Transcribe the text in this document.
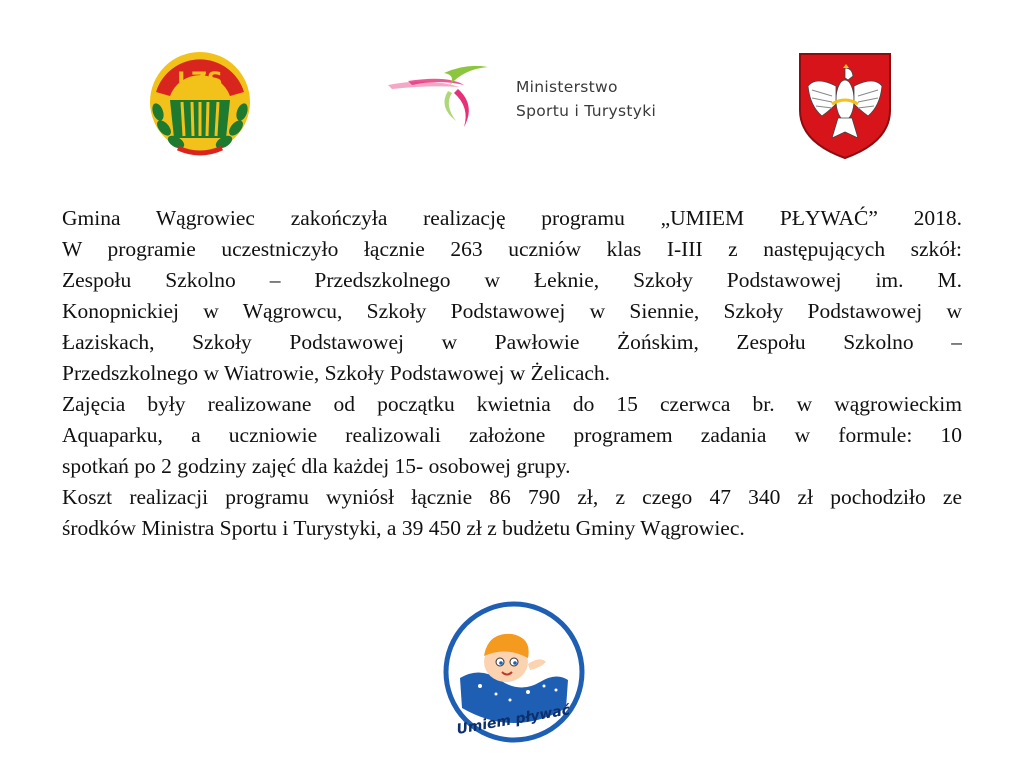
LZS	Ministerstwo
Sportu i Turystyki

Gmina Wągrowiec zakończyła realizację programu „UMIEM PŁYWAĆ” 2018.
W programie uczestniczyło łącznie 263 uczniów klas I-III z następujących szkół:
Zespołu Szkolno – Przedszkolnego w Łeknie, Szkoły Podstawowej im. M.
Konopnickiej w Wągrowcu, Szkoły Podstawowej w Siennie, Szkoły Podstawowej w
Łaziskach, Szkoły Podstawowej w Pawłowie Żońskim, Zespołu Szkolno –
Przedszkolnego w Wiatrowie, Szkoły Podstawowej w Żelicach.

Zajęcia były realizowane od początku kwietnia do 15 czerwca br. w wągrowieckim
Aquaparku, a uczniowie realizowali założone programem zadania w formule: 10
spotkań po 2 godziny zajęć dla każdej 15- osobowej grupy.

Koszt realizacji programu wyniósł łącznie 86 790 zł, z czego 47 340 zł pochodziło ze
środków Ministra Sportu i Turystyki, a 39 450 zł z budżetu Gminy Wągrowiec.

Umiem pływać
